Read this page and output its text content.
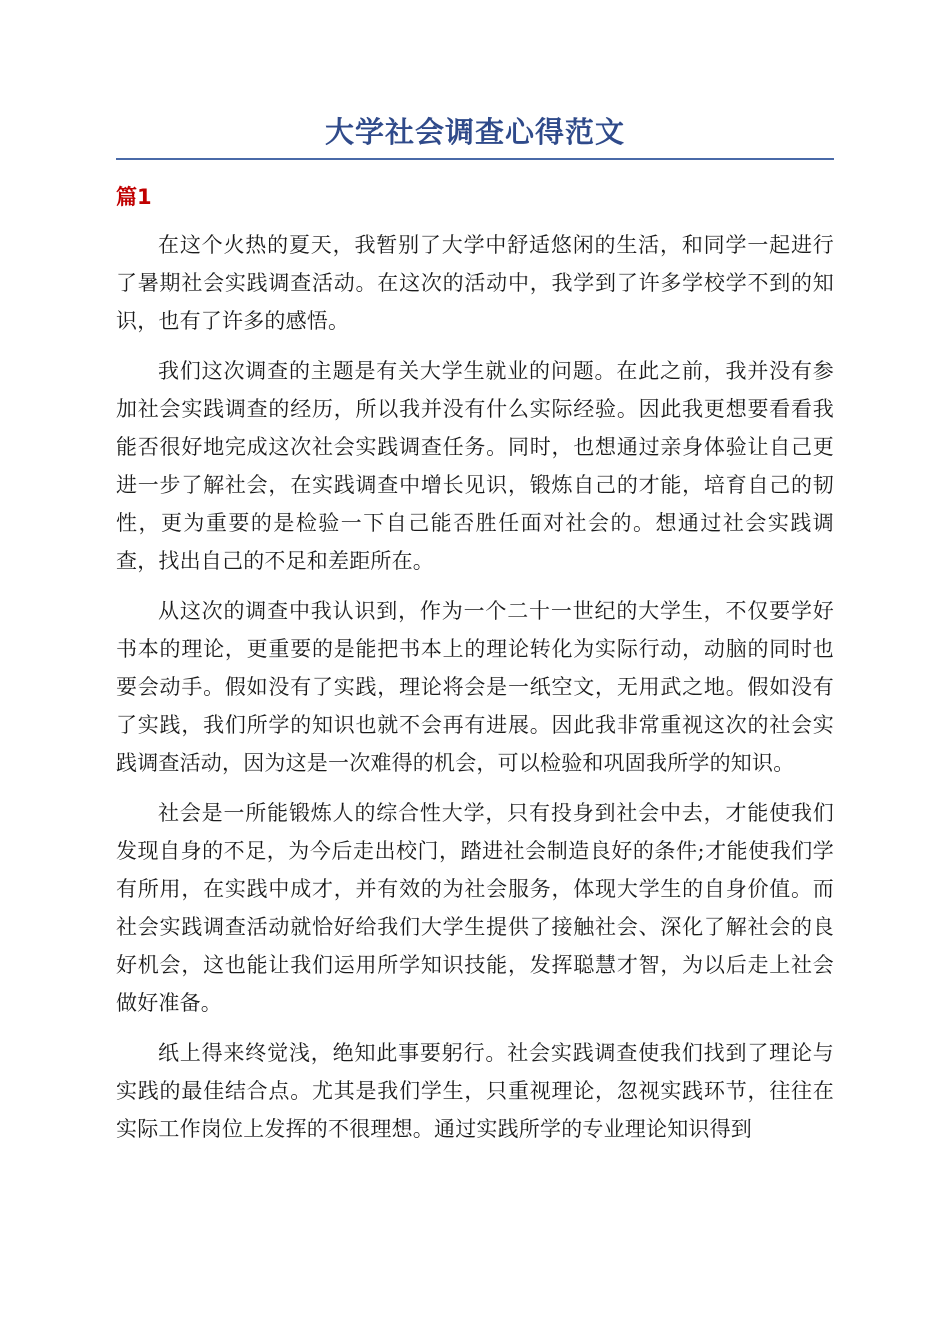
大学社会调查心得范文
篇1

在这个火热的夏天，我暂别了大学中舒适悠闲的生活，和同学一起进行了暑期社会实践调查活动。在这次的活动中，我学到了许多学校学不到的知识，也有了许多的感悟。

我们这次调查的主题是有关大学生就业的问题。在此之前，我并没有参加社会实践调查的经历，所以我并没有什么实际经验。因此我更想要看看我能否很好地完成这次社会实践调查任务。同时，也想通过亲身体验让自己更进一步了解社会，在实践调查中增长见识，锻炼自己的才能，培育自己的韧性，更为重要的是检验一下自己能否胜任面对社会的。想通过社会实践调查，找出自己的不足和差距所在。

从这次的调查中我认识到，作为一个二十一世纪的大学生，不仅要学好书本的理论，更重要的是能把书本上的理论转化为实际行动，动脑的同时也要会动手。假如没有了实践，理论将会是一纸空文，无用武之地。假如没有了实践，我们所学的知识也就不会再有进展。因此我非常重视这次的社会实践调查活动，因为这是一次难得的机会，可以检验和巩固我所学的知识。

社会是一所能锻炼人的综合性大学，只有投身到社会中去，才能使我们发现自身的不足，为今后走出校门，踏进社会制造良好的条件;才能使我们学有所用，在实践中成才，并有效的为社会服务，体现大学生的自身价值。而社会实践调查活动就恰好给我们大学生提供了接触社会、深化了解社会的良好机会，这也能让我们运用所学知识技能，发挥聪慧才智，为以后走上社会做好准备。

纸上得来终觉浅，绝知此事要躬行。社会实践调查使我们找到了理论与实践的最佳结合点。尤其是我们学生，只重视理论，忽视实践环节，往往在实际工作岗位上发挥的不很理想。通过实践所学的专业理论知识得到
